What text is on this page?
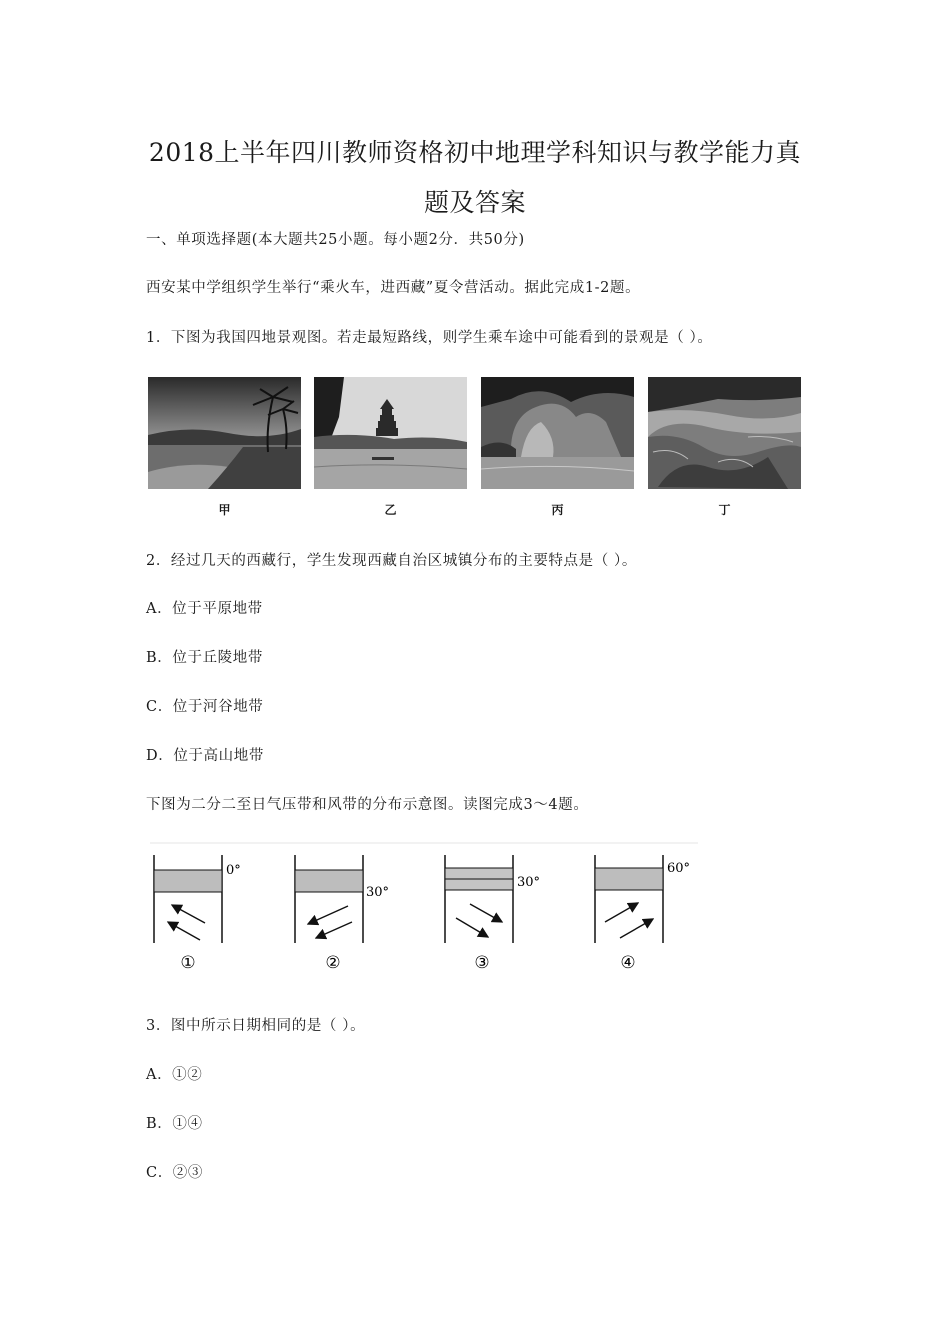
2018上半年四川教师资格初中地理学科知识与教学能力真
题及答案
一、单项选择题(本大题共25小题。每小题2分．共50分)
西安某中学组织学生举行“乘火车，进西藏”夏令营活动。据此完成1-2题。
1．下图为我国四地景观图。若走最短路线，则学生乘车途中可能看到的景观是（ ）。
甲	乙	丙	丁
2．经过几天的西藏行，学生发现西藏自治区城镇分布的主要特点是（ ）。
A．位于平原地带
B．位于丘陵地带
C．位于河谷地带
D．位于高山地带
下图为二分二至日气压带和风带的分布示意图。读图完成3～4题。
0°
①
30°
②
30°
③
60°
④
3．图中所示日期相同的是（ ）。
A．①②
B．①④
C．②③
